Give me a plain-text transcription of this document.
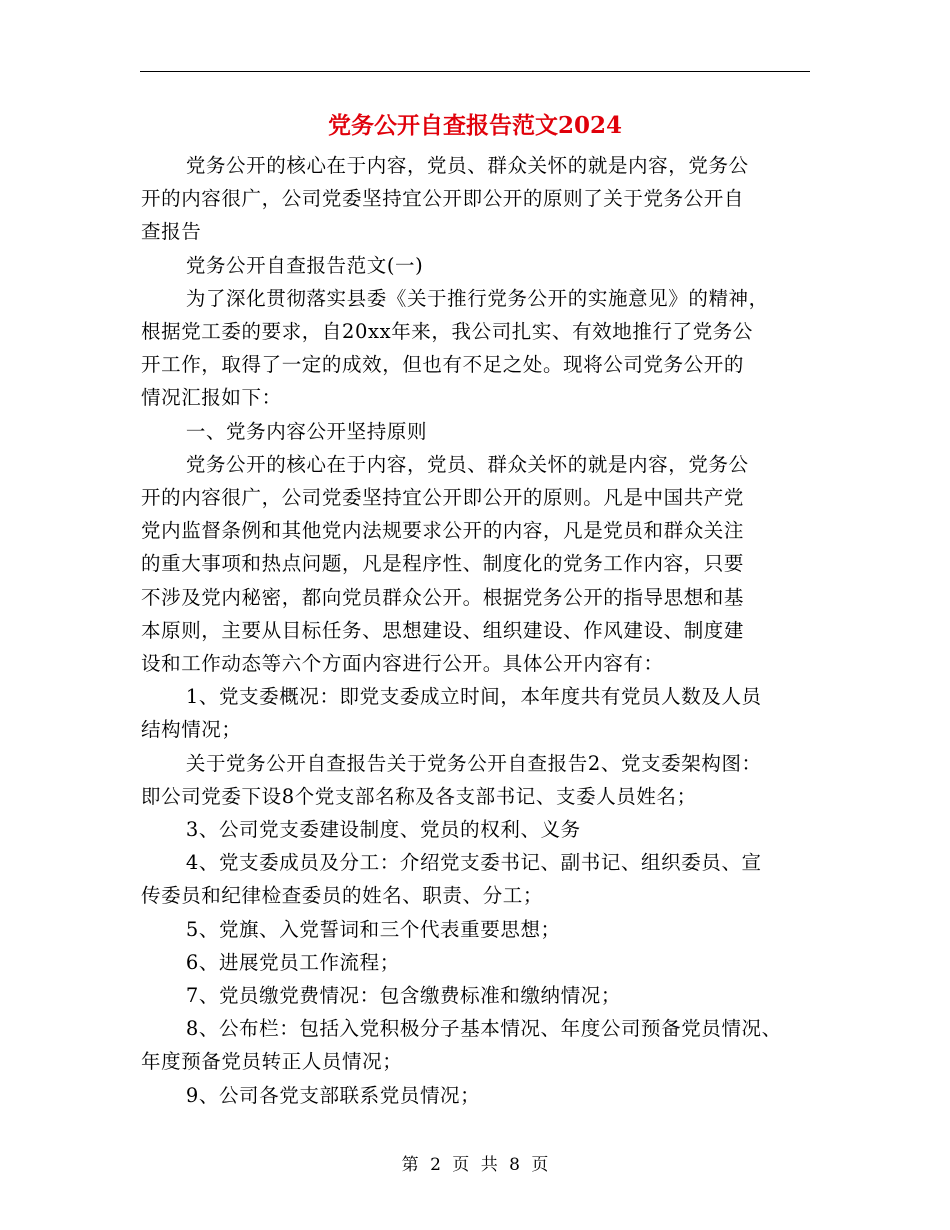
党务公开自查报告范文2024

党务公开的核心在于内容，党员、群众关怀的就是内容，党务公
开的内容很广，公司党委坚持宜公开即公开的原则了关于党务公开自
查报告

党务公开自查报告范文(一)

为了深化贯彻落实县委《关于推行党务公开的实施意见》的精神，
根据党工委的要求，自20xx年来，我公司扎实、有效地推行了党务公
开工作，取得了一定的成效，但也有不足之处。现将公司党务公开的
情况汇报如下：

一、党务内容公开坚持原则

党务公开的核心在于内容，党员、群众关怀的就是内容，党务公
开的内容很广，公司党委坚持宜公开即公开的原则。凡是中国共产党
党内监督条例和其他党内法规要求公开的内容，凡是党员和群众关注
的重大事项和热点问题，凡是程序性、制度化的党务工作内容，只要
不涉及党内秘密，都向党员群众公开。根据党务公开的指导思想和基
本原则，主要从目标任务、思想建设、组织建设、作风建设、制度建
设和工作动态等六个方面内容进行公开。具体公开内容有：

1、党支委概况：即党支委成立时间，本年度共有党员人数及人员
结构情况；

关于党务公开自查报告关于党务公开自查报告2、党支委架构图：
即公司党委下设8个党支部名称及各支部书记、支委人员姓名；

3、公司党支委建设制度、党员的权利、义务

4、党支委成员及分工：介绍党支委书记、副书记、组织委员、宣
传委员和纪律检查委员的姓名、职责、分工；

5、党旗、入党誓词和三个代表重要思想；

6、进展党员工作流程；

7、党员缴党费情况：包含缴费标准和缴纳情况；

8、公布栏：包括入党积极分子基本情况、年度公司预备党员情况、
年度预备党员转正人员情况；

9、公司各党支部联系党员情况；

第 2 页 共 8 页
